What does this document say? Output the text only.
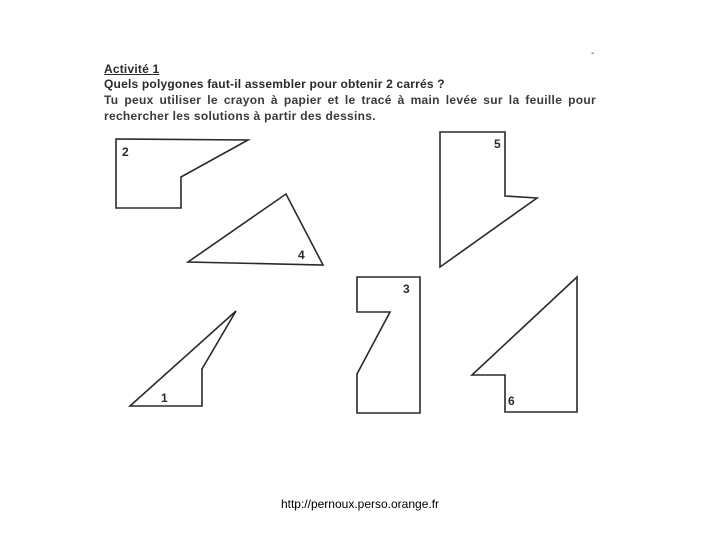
-
Activité 1
Quels polygones faut-il assembler pour obtenir 2 carrés ?
Tu peux utiliser le crayon à papier et le tracé à main levée sur la feuille pour rechercher les solutions à partir des dessins.
2
4
5
3
1	6
http://pernoux.perso.orange.fr
